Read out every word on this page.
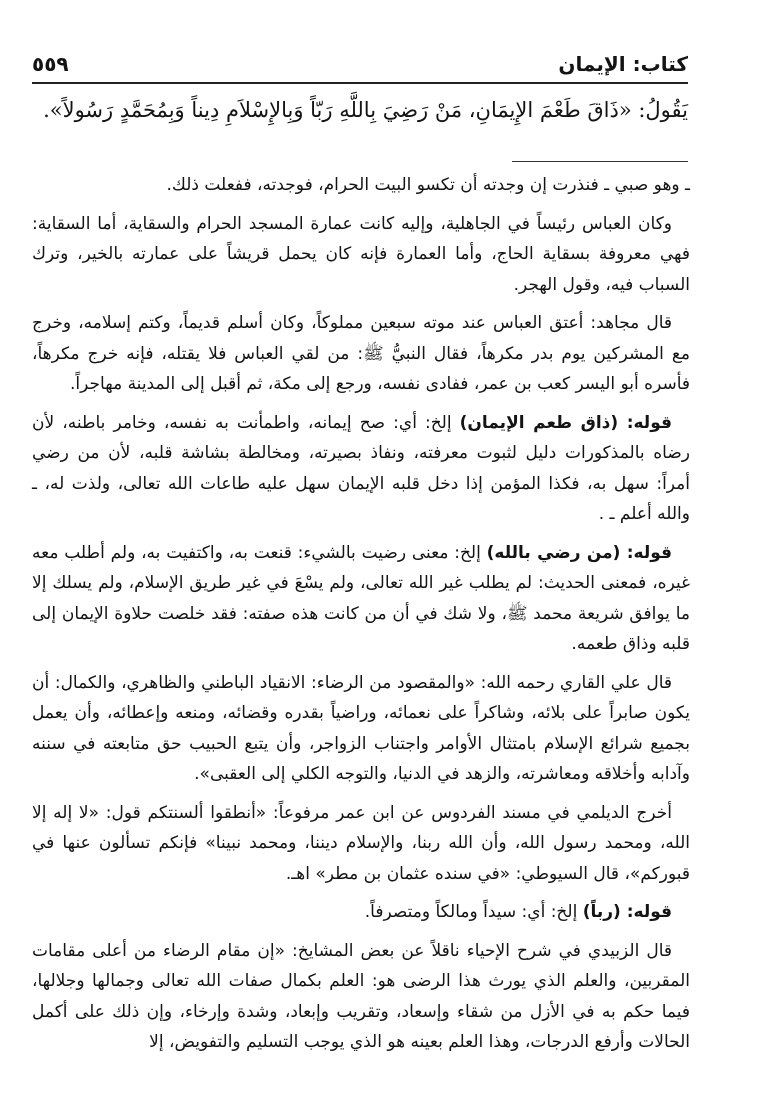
كتاب: الإيمان
٥٥٩
يَقُولُ: «ذَاقَ طَعْمَ الإِيمَانِ، مَنْ رَضِيَ بِاللَّهِ رَبّاً وَبِالإِسْلاَمِ دِيناً وَبِمُحَمَّدٍ رَسُولاً».

ـ وهو صبي ـ فنذرت إن وجدته أن تكسو البيت الحرام، فوجدته، ففعلت ذلك.

وكان العباس رئيساً في الجاهلية، وإليه كانت عمارة المسجد الحرام والسقاية، أما السقاية: فهي معروفة بسقاية الحاج، وأما العمارة فإنه كان يحمل قريشاً على عمارته بالخير، وترك السباب فيه، وقول الهجر.

قال مجاهد: أعتق العباس عند موته سبعين مملوكاً، وكان أسلم قديماً، وكتم إسلامه، وخرج مع المشركين يوم بدر مكرهاً، فقال النبيُّ ﷺ: من لقي العباس فلا يقتله، فإنه خرج مكرهاً، فأسره أبو اليسر كعب بن عمر، ففادى نفسه، ورجع إلى مكة، ثم أقبل إلى المدينة مهاجراً.

قوله: (ذاق طعم الإيمان) إلخ: أي: صح إيمانه، واطمأنت به نفسه، وخامر باطنه، لأن رضاه بالمذكورات دليل لثبوت معرفته، ونفاذ بصيرته، ومخالطة بشاشة قلبه، لأن من رضي أمراً: سهل به، فكذا المؤمن إذا دخل قلبه الإيمان سهل عليه طاعات الله تعالى، ولذت له، ـ والله أعلم ـ .

قوله: (من رضي بالله) إلخ: معنى رضيت بالشيء: قنعت به، واكتفيت به، ولم أطلب معه غيره، فمعنى الحديث: لم يطلب غير الله تعالى، ولم يسْعَ في غير طريق الإسلام، ولم يسلك إلا ما يوافق شريعة محمد ﷺ، ولا شك في أن من كانت هذه صفته: فقد خلصت حلاوة الإيمان إلى قلبه وذاق طعمه.

قال علي القاري رحمه الله: «والمقصود من الرضاء: الانقياد الباطني والظاهري، والكمال: أن يكون صابراً على بلائه، وشاكراً على نعمائه، وراضياً بقدره وقضائه، ومنعه وإعطائه، وأن يعمل بجميع شرائع الإسلام بامتثال الأوامر واجتناب الزواجر، وأن يتبع الحبيب حق متابعته في سننه وآدابه وأخلاقه ومعاشرته، والزهد في الدنيا، والتوجه الكلي إلى العقبى».

أخرج الديلمي في مسند الفردوس عن ابن عمر مرفوعاً: «أنطقوا ألسنتكم قول: «لا إله إلا الله، ومحمد رسول الله، وأن الله ربنا، والإسلام ديننا، ومحمد نبينا» فإنكم تسألون عنها في قبوركم»، قال السيوطي: «في سنده عثمان بن مطر» اهـ.

قوله: (رباً) إلخ: أي: سيداً ومالكاً ومتصرفاً.

قال الزبيدي في شرح الإحياء ناقلاً عن بعض المشايخ: «إن مقام الرضاء من أعلى مقامات المقربين، والعلم الذي يورث هذا الرضى هو: العلم بكمال صفات الله تعالى وجمالها وجلالها، فيما حكم به في الأزل من شقاء وإسعاد، وتقريب وإبعاد، وشدة وإرخاء، وإن ذلك على أكمل الحالات وأرفع الدرجات، وهذا العلم بعينه هو الذي يوجب التسليم والتفويض، إلا
